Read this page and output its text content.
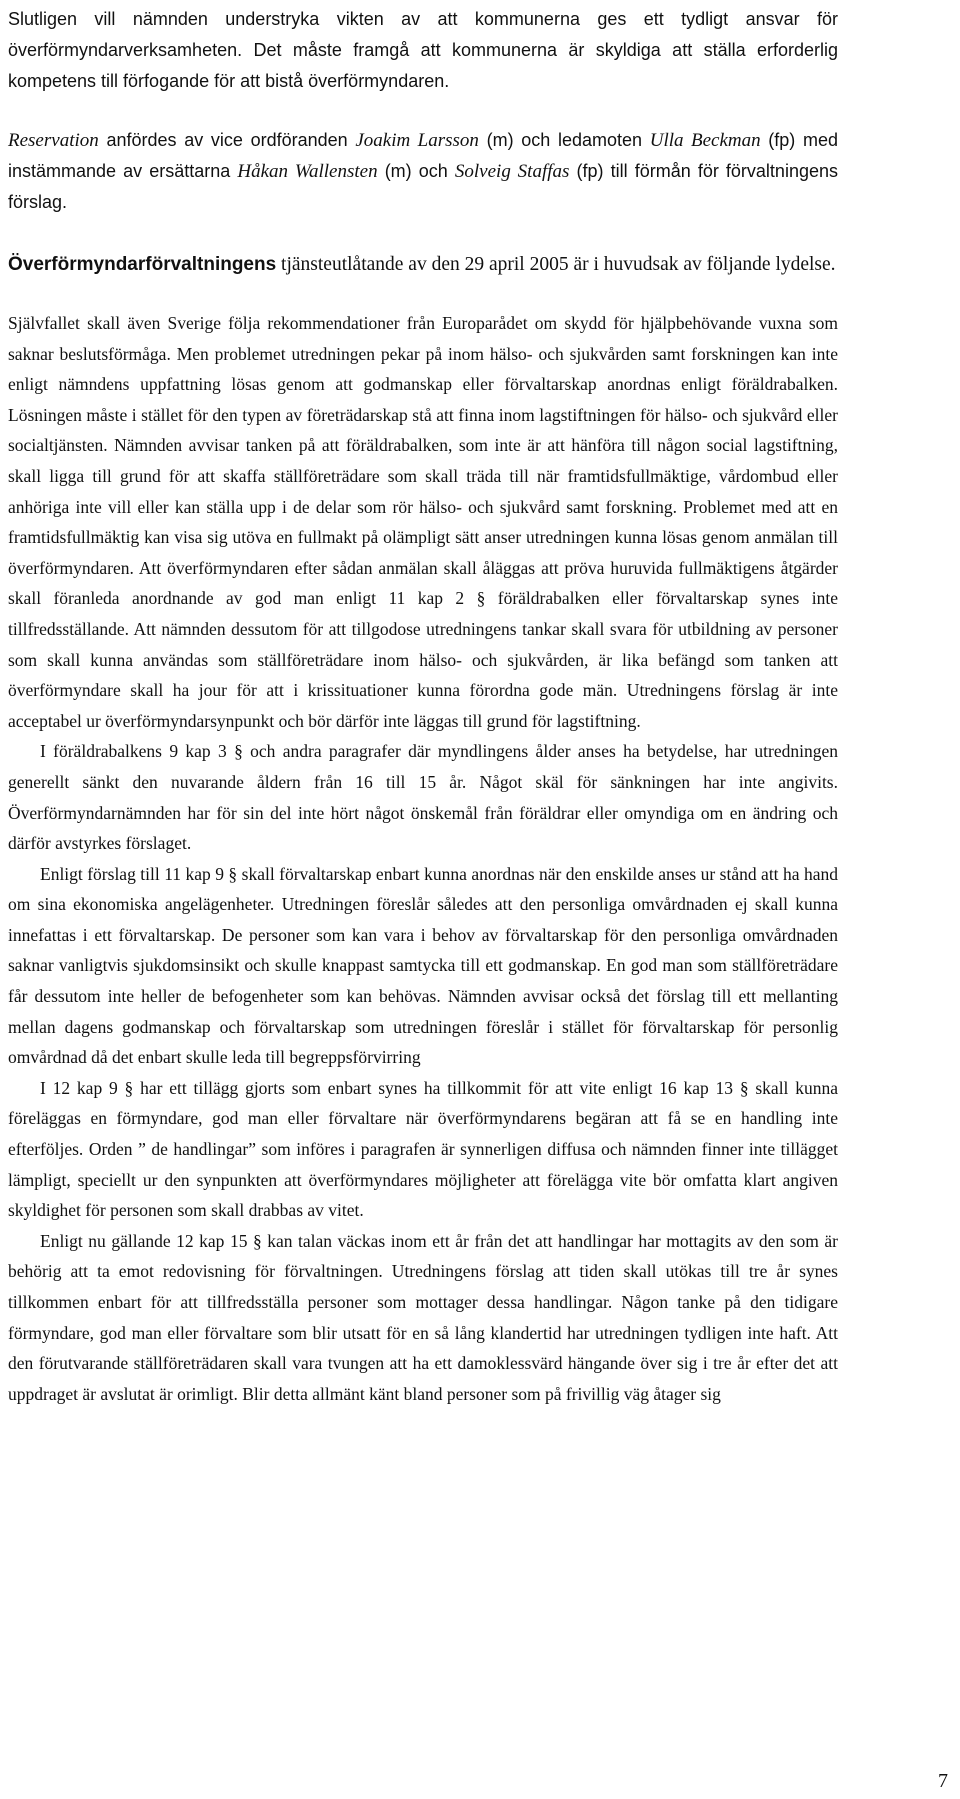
Slutligen vill nämnden understryka vikten av att kommunerna ges ett tydligt ansvar för överförmyndarverksamheten. Det måste framgå att kommunerna är skyldiga att ställa erforderlig kompetens till förfogande för att bistå överförmyndaren.

Reservation anfördes av vice ordföranden Joakim Larsson (m) och ledamoten Ulla Beckman (fp) med instämmande av ersättarna Håkan Wallensten (m) och Solveig Staffas (fp) till förmån för förvaltningens förslag.

Överförmyndarförvaltningens tjänsteutlåtande av den 29 april 2005 är i huvudsak av följande lydelse.

Självfallet skall även Sverige följa rekommendationer från Europarådet om skydd för hjälpbehövande vuxna som saknar beslutsförmåga. Men problemet utredningen pekar på inom hälso- och sjukvården samt forskningen kan inte enligt nämndens uppfattning lösas genom att godmanskap eller förvaltarskap anordnas enligt föräldrabalken. Lösningen måste i stället för den typen av företrädarskap stå att finna inom lagstiftningen för hälso- och sjukvård eller socialtjänsten. Nämnden avvisar tanken på att föräldrabalken, som inte är att hänföra till någon social lagstiftning, skall ligga till grund för att skaffa ställföreträdare som skall träda till när framtidsfullmäktige, vårdombud eller anhöriga inte vill eller kan ställa upp i de delar som rör hälso- och sjukvård samt forskning. Problemet med att en framtidsfullmäktig kan visa sig utöva en fullmakt på olämpligt sätt anser utredningen kunna lösas genom anmälan till överförmyndaren. Att överförmyndaren efter sådan anmälan skall åläggas att pröva huruvida fullmäktigens åtgärder skall föranleda anordnande av god man enligt 11 kap 2 § föräldrabalken eller förvaltarskap synes inte tillfredsställande. Att nämnden dessutom för att tillgodose utredningens tankar skall svara för utbildning av personer som skall kunna användas som ställföreträdare inom hälso- och sjukvården, är lika befängd som tanken att överförmyndare skall ha jour för att i krissituationer kunna förordna gode män. Utredningens förslag är inte acceptabel ur överförmyndarsynpunkt och bör därför inte läggas till grund för lagstiftning.

I föräldrabalkens 9 kap 3 § och andra paragrafer där myndlingens ålder anses ha betydelse, har utredningen generellt sänkt den nuvarande åldern från 16 till 15 år. Något skäl för sänkningen har inte angivits. Överförmyndarnämnden har för sin del inte hört något önskemål från föräldrar eller omyndiga om en ändring och därför avstyrkes förslaget.

Enligt förslag till 11 kap 9 § skall förvaltarskap enbart kunna anordnas när den enskilde anses ur stånd att ha hand om sina ekonomiska angelägenheter. Utredningen föreslår således att den personliga omvårdnaden ej skall kunna innefattas i ett förvaltarskap. De personer som kan vara i behov av förvaltarskap för den personliga omvårdnaden saknar vanligtvis sjukdomsinsikt och skulle knappast samtycka till ett godmanskap. En god man som ställföreträdare får dessutom inte heller de befogenheter som kan behövas. Nämnden avvisar också det förslag till ett mellanting mellan dagens godmanskap och förvaltarskap som utredningen föreslår i stället för förvaltarskap för personlig omvårdnad då det enbart skulle leda till begreppsförvirring

I 12 kap 9 § har ett tillägg gjorts som enbart synes ha tillkommit för att vite enligt 16 kap 13 § skall kunna föreläggas en förmyndare, god man eller förvaltare när överförmyndarens begäran att få se en handling inte efterföljes. Orden ” de handlingar” som införes i paragrafen är synnerligen diffusa och nämnden finner inte tillägget lämpligt, speciellt ur den synpunkten att överförmyndares möjligheter att förelägga vite bör omfatta klart angiven skyldighet för personen som skall drabbas av vitet.

Enligt nu gällande 12 kap 15 § kan talan väckas inom ett år från det att handlingar har mottagits av den som är behörig att ta emot redovisning för förvaltningen. Utredningens förslag att tiden skall utökas till tre år synes tillkommen enbart för att tillfredsställa personer som mottager dessa handlingar. Någon tanke på den tidigare förmyndare, god man eller förvaltare som blir utsatt för en så lång klandertid har utredningen tydligen inte haft. Att den förutvarande ställföreträdaren skall vara tvungen att ha ett damoklessvärd hängande över sig i tre år efter det att uppdraget är avslutat är orimligt. Blir detta allmänt känt bland personer som på frivillig väg åtager sig

7
